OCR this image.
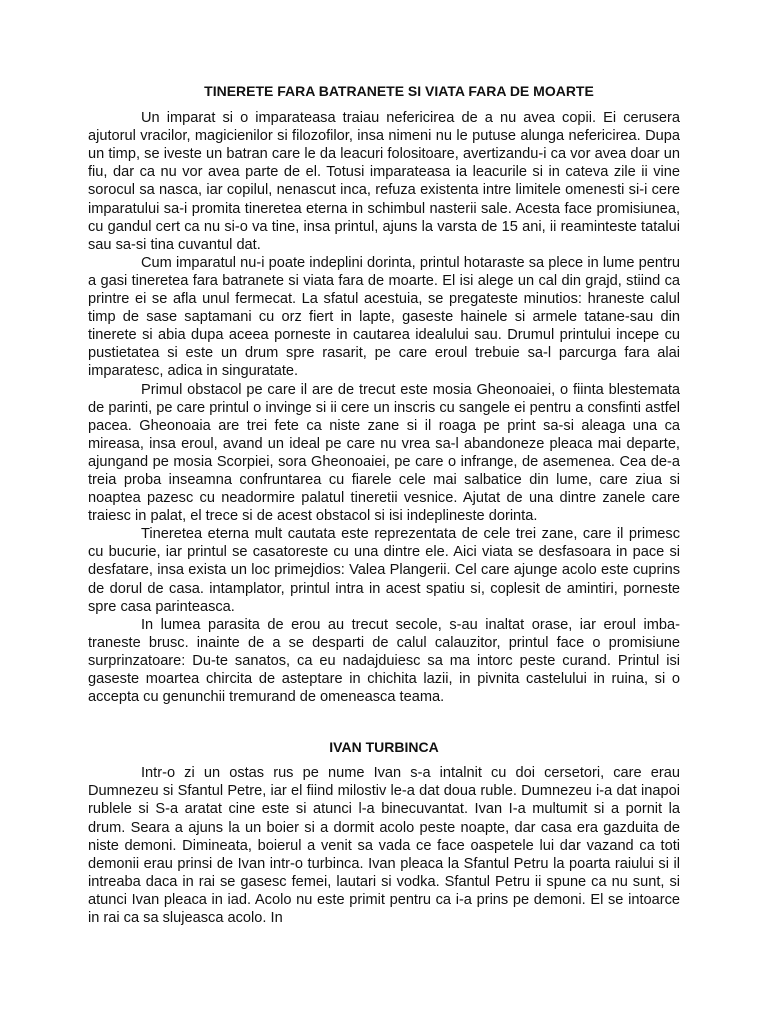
TINERETE FARA BATRANETE SI VIATA FARA DE MOARTE

Un imparat si o imparateasa traiau nefericirea de a nu avea copii. Ei cerusera ajutorul vracilor, magicienilor si filozofilor, insa nimeni nu le putuse alunga nefericirea. Dupa un timp, se iveste un batran care le da leacuri folositoare, avertizandu-i ca vor avea doar un fiu, dar ca nu vor avea parte de el. Totusi imparateasa ia leacurile si in cateva zile ii vine sorocul sa nasca, iar copilul, nenascut inca, refuza existenta intre limitele omenesti si-i cere imparatului sa-i promita tineretea eterna in schimbul nasterii sale. Acesta face promisiunea, cu gandul cert ca nu si-o va tine, insa printul, ajuns la varsta de 15 ani, ii reaminteste tatalui sau sa-si tina cuvantul dat.

Cum imparatul nu-i poate indeplini dorinta, printul hotaraste sa plece in lume pentru a gasi tineretea fara batranete si viata fara de moarte. El isi alege un cal din grajd, stiind ca printre ei se afla unul fermecat. La sfatul acestuia, se pregateste minutios: hraneste calul timp de sase saptamani cu orz fiert in lapte, gaseste hainele si armele tatane-sau din tinerete si abia dupa aceea porneste in cautarea idealului sau. Drumul printului incepe cu pustietatea si este un drum spre rasarit, pe care eroul trebuie sa-l parcurga fara alai imparatesc, adica in singuratate.

Primul obstacol pe care il are de trecut este mosia Gheonoaiei, o fiinta blestemata de parinti, pe care printul o invinge si ii cere un inscris cu sangele ei pentru a consfinti astfel pacea. Gheonoaia are trei fete ca niste zane si il roaga pe print sa-si aleaga una ca mireasa, insa eroul, avand un ideal pe care nu vrea sa-l abandoneze pleaca mai departe, ajungand pe mosia Scorpiei, sora Gheonoaiei, pe care o infrange, de asemenea. Cea de-a treia proba inseamna confruntarea cu fiarele cele mai salbatice din lume, care ziua si noaptea pazesc cu neadormire palatul tineretii vesnice. Ajutat de una dintre zanele care traiesc in palat, el trece si de acest obstacol si isi indeplineste dorinta.

Tineretea eterna mult cautata este reprezentata de cele trei zane, care il primesc cu bucurie, iar printul se casatoreste cu una dintre ele. Aici viata se desfasoara in pace si desfatare, insa exista un loc primejdios: Valea Plangerii. Cel care ajunge acolo este cuprins de dorul de casa. intamplator, printul intra in acest spatiu si, coplesit de amintiri, porneste spre casa parinteasca.

In lumea parasita de erou au trecut secole, s-au inaltat orase, iar eroul imba-traneste brusc. inainte de a se desparti de calul calauzitor, printul face o promisiune surprinzatoare: Du-te sanatos, ca eu nadajduiesc sa ma intorc peste curand. Printul isi gaseste moartea chircita de asteptare in chichita lazii, in pivnita castelului in ruina, si o accepta cu genunchii tremurand de omeneasca teama.

IVAN TURBINCA

Intr-o zi un ostas rus pe nume Ivan s-a intalnit cu doi cersetori, care erau Dumnezeu si Sfantul Petre, iar el fiind milostiv le-a dat doua ruble. Dumnezeu i-a dat inapoi rublele si S-a aratat cine este si atunci l-a binecuvantat. Ivan I-a multumit si a pornit la drum. Seara a ajuns la un boier si a dormit acolo peste noapte, dar casa era gazduita de niste demoni. Dimineata, boierul a venit sa vada ce face oaspetele lui dar vazand ca toti demonii erau prinsi de Ivan intr-o turbinca. Ivan pleaca la Sfantul Petru la poarta raiului si il intreaba daca in rai se gasesc femei, lautari si vodka. Sfantul Petru ii spune ca nu sunt, si atunci Ivan pleaca in iad. Acolo nu este primit pentru ca i-a prins pe demoni. El se intoarce in rai ca sa slujeasca acolo. In
